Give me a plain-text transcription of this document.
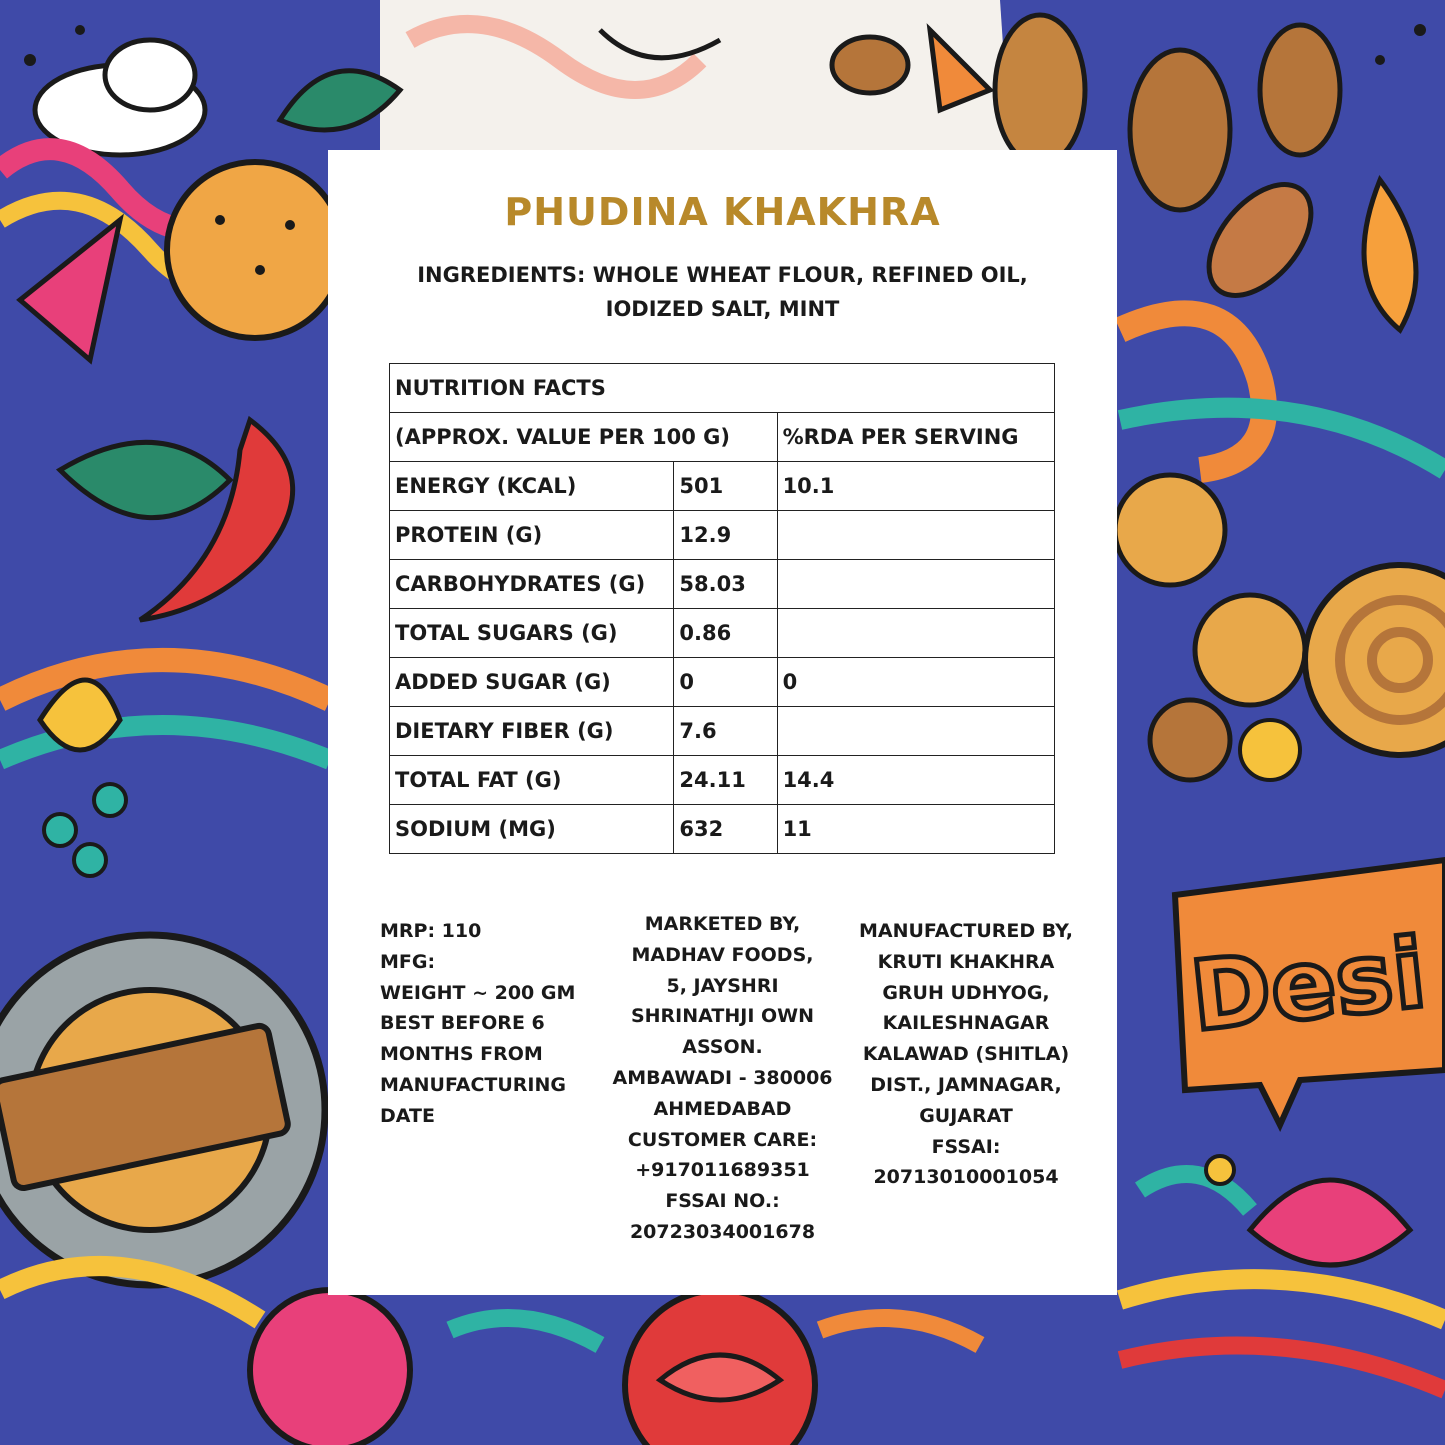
Desi
PHUDINA KHAKHRA
INGREDIENTS: WHOLE WHEAT FLOUR, REFINED OIL,
IODIZED SALT, MINT
NUTRITION FACTS		
(APPROX. VALUE PER 100 G)		%RDA PER SERVING
ENERGY (KCAL)	501	10.1
PROTEIN (G)	12.9	
CARBOHYDRATES (G)	58.03	
TOTAL SUGARS (G)	0.86	
ADDED SUGAR (G)	0	0
DIETARY FIBER (G)	7.6	
TOTAL FAT (G)	24.11	14.4
SODIUM (MG)	632	11
MRP: 110
MFG:
WEIGHT ~ 200 GM
BEST BEFORE 6
MONTHS FROM
MANUFACTURING
DATE
MARKETED BY,
MADHAV FOODS,
5, JAYSHRI
SHRINATHJI OWN
ASSON.
AMBAWADI - 380006
AHMEDABAD
CUSTOMER CARE:
+917011689351
FSSAI NO.:
20723034001678
MANUFACTURED BY,
KRUTI KHAKHRA
GRUH UDHYOG,
KAILESHNAGAR
KALAWAD (SHITLA)
DIST., JAMNAGAR,
GUJARAT
FSSAI:
20713010001054
